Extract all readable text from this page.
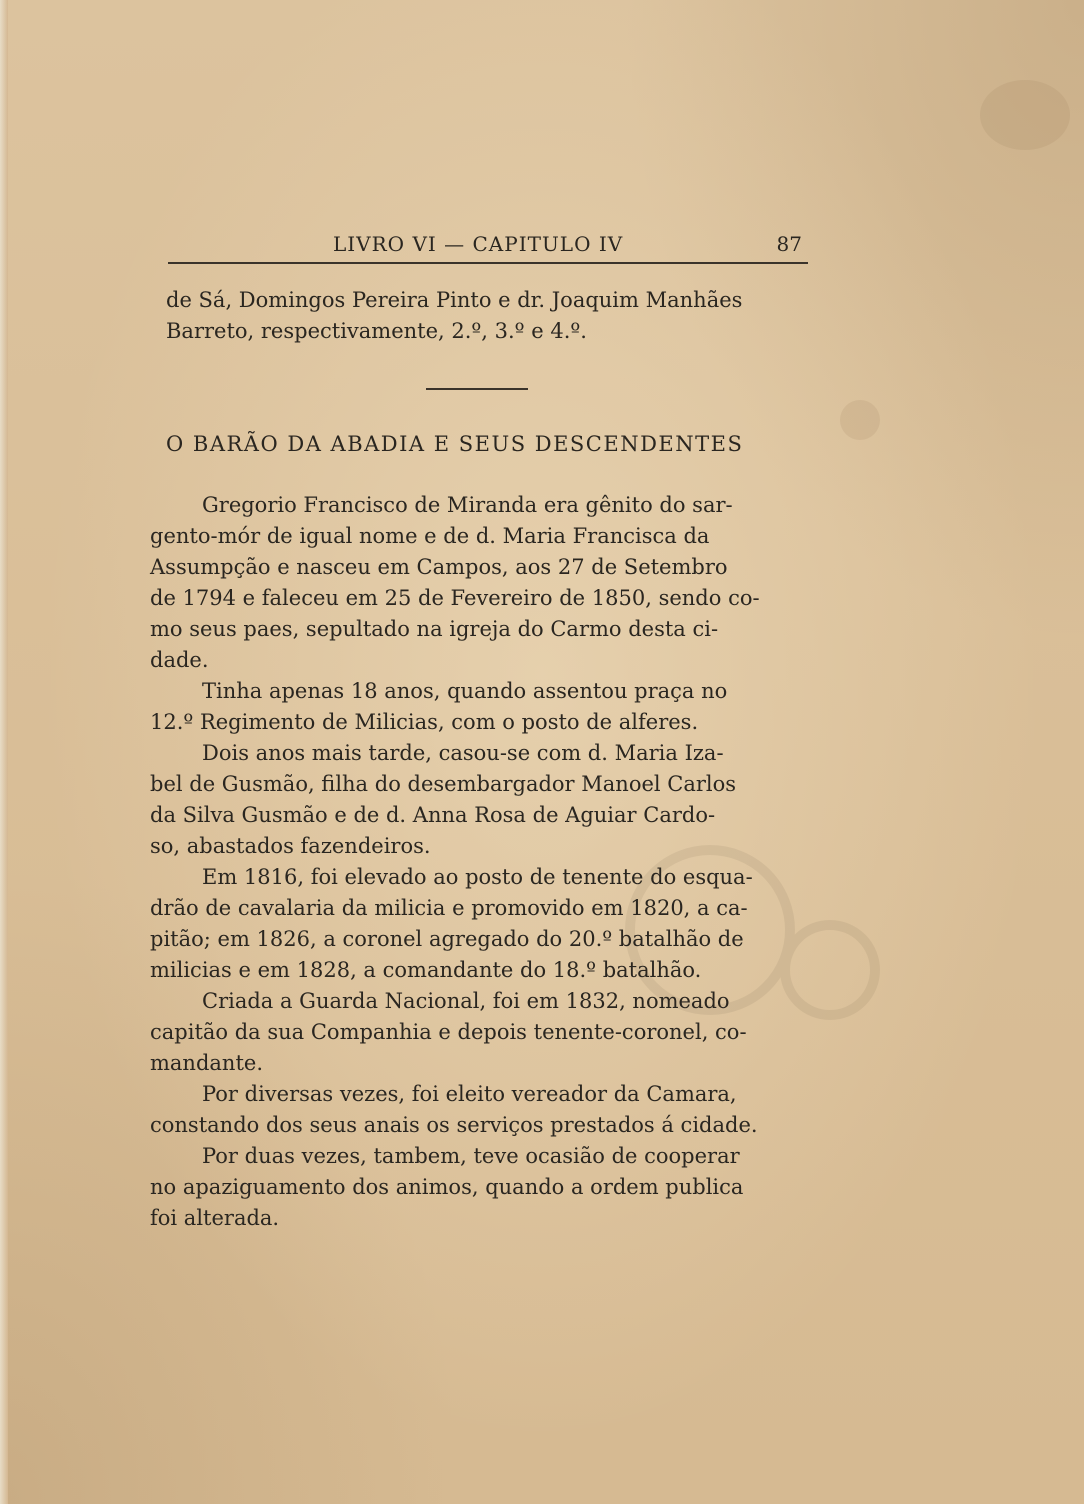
LIVRO VI — CAPITULO IV	87
de Sá, Domingos Pereira Pinto e dr. Joaquim Manhães
Barreto, respectivamente, 2.º, 3.º e 4.º.
O BARÃO DA ABADIA E SEUS DESCENDENTES
Gregorio Francisco de Miranda era gênito do sar-
gento-mór de igual nome e de d. Maria Francisca da
Assumpção e nasceu em Campos, aos 27 de Setembro
de 1794 e faleceu em 25 de Fevereiro de 1850, sendo co-
mo seus paes, sepultado na igreja do Carmo desta ci-
dade.
Tinha apenas 18 anos, quando assentou praça no
12.º Regimento de Milicias, com o posto de alferes.
Dois anos mais tarde, casou-se com d. Maria Iza-
bel de Gusmão, filha do desembargador Manoel Carlos
da Silva Gusmão e de d. Anna Rosa de Aguiar Cardo-
so, abastados fazendeiros.
Em 1816, foi elevado ao posto de tenente do esqua-
drão de cavalaria da milicia e promovido em 1820, a ca-
pitão; em 1826, a coronel agregado do 20.º batalhão de
milicias e em 1828, a comandante do 18.º batalhão.
Criada a Guarda Nacional, foi em 1832, nomeado
capitão da sua Companhia e depois tenente-coronel, co-
mandante.
Por diversas vezes, foi eleito vereador da Camara,
constando dos seus anais os serviços prestados á cidade.
Por duas vezes, tambem, teve ocasião de cooperar
no apaziguamento dos animos, quando a ordem publica
foi alterada.
